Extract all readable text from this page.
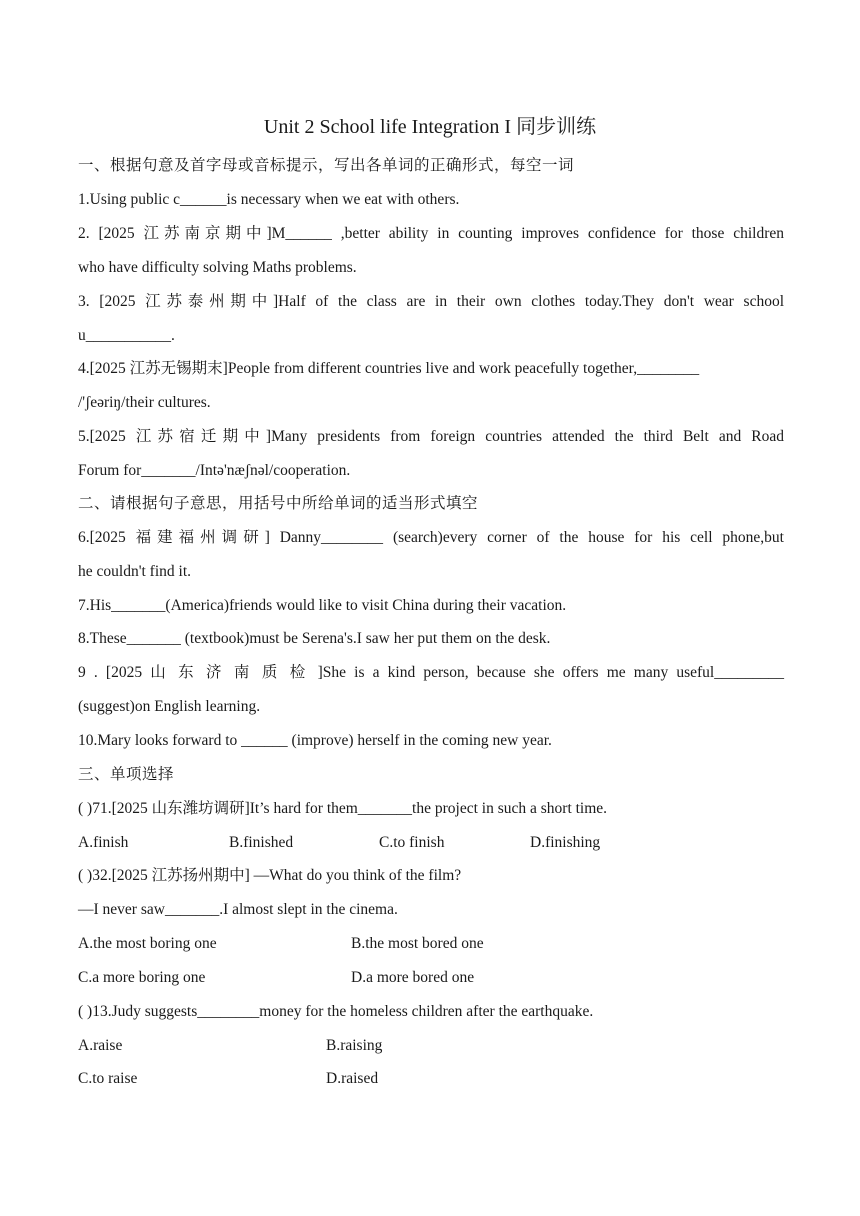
Unit 2 School life Integration I 同步训练
一、根据句意及首字母或音标提示，写出各单词的正确形式，每空一词
1.Using public c______is necessary when we eat with others.
2. [2025 江苏南京期中]M______ ,better ability in counting improves confidence for those children
who have difficulty solving Maths problems.
3. [2025 江苏泰州期中]Half of the class are in their own clothes today.They don't wear school
u___________.
4.[2025 江苏无锡期末]People from different countries live and work peacefully together,________
/'ʃeəriŋ/their cultures.
5.[2025 江苏宿迁期中]Many presidents from foreign countries attended the third Belt and Road
Forum for_______/Intə'næʃnəl/cooperation.
二、请根据句子意思，用括号中所给单词的适当形式填空
6.[2025 福建福州调研] Danny________ (search)every corner of the house for his cell phone,but
he couldn't find it.
7.His_______(America)friends would like to visit China during their vacation.
8.These_______ (textbook)must be Serena's.I saw her put them on the desk.
9 . [2025 山 东 济 南 质 检 ]She is a kind person, because she offers me many useful_________
(suggest)on English learning.
10.Mary looks forward to ______ (improve) herself in the coming new year.
三、单项选择
( )71.[2025 山东潍坊调研]It’s hard for them_______the project in such a short time.
A.finish	B.finished	C.to finish	D.finishing
( )32.[2025 江苏扬州期中] —What do you think of the film?
—I never saw_______.I almost slept in the cinema.
A.the most boring one	B.the most bored one
C.a more boring one	D.a more bored one
( )13.Judy suggests________money for the homeless children after the earthquake.
A.raise	B.raising
C.to raise	D.raised
